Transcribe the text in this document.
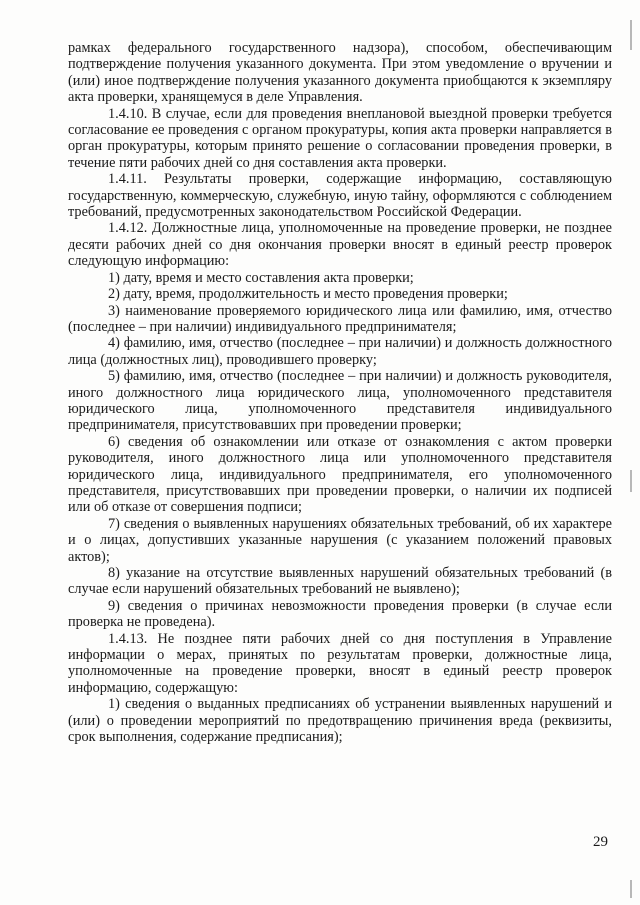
рамках федерального государственного надзора), способом, обеспечивающим подтверждение получения указанного документа. При этом уведомление о вручении и (или) иное подтверждение получения указанного документа приобщаются к экземпляру акта проверки, хранящемуся в деле Управления.

1.4.10. В случае, если для проведения внеплановой выездной проверки требуется согласование ее проведения с органом прокуратуры, копия акта проверки направляется в орган прокуратуры, которым принято решение о согласовании проведения проверки, в течение пяти рабочих дней со дня составления акта проверки.

1.4.11. Результаты проверки, содержащие информацию, составляющую государственную, коммерческую, служебную, иную тайну, оформляются с соблюдением требований, предусмотренных законодательством Российской Федерации.

1.4.12. Должностные лица, уполномоченные на проведение проверки, не позднее десяти рабочих дней со дня окончания проверки вносят в единый реестр проверок следующую информацию:

1) дату, время и место составления акта проверки;

2) дату, время, продолжительность и место проведения проверки;

3) наименование проверяемого юридического лица или фамилию, имя, отчество (последнее – при наличии) индивидуального предпринимателя;

4) фамилию, имя, отчество (последнее – при наличии) и должность должностного лица (должностных лиц), проводившего проверку;

5) фамилию, имя, отчество (последнее – при наличии) и должность руководителя, иного должностного лица юридического лица, уполномоченного представителя юридического лица, уполномоченного представителя индивидуального предпринимателя, присутствовавших при проведении проверки;

6) сведения об ознакомлении или отказе от ознакомления с актом проверки руководителя, иного должностного лица или уполномоченного представителя юридического лица, индивидуального предпринимателя, его уполномоченного представителя, присутствовавших при проведении проверки, о наличии их подписей или об отказе от совершения подписи;

7) сведения о выявленных нарушениях обязательных требований, об их характере и о лицах, допустивших указанные нарушения (с указанием положений правовых актов);

8) указание на отсутствие выявленных нарушений обязательных требований (в случае если нарушений обязательных требований не выявлено);

9) сведения о причинах невозможности проведения проверки (в случае если проверка не проведена).

1.4.13. Не позднее пяти рабочих дней со дня поступления в Управление информации о мерах, принятых по результатам проверки, должностные лица, уполномоченные на проведение проверки, вносят в единый реестр проверок информацию, содержащую:

1) сведения о выданных предписаниях об устранении выявленных нарушений и (или) о проведении мероприятий по предотвращению причинения вреда (реквизиты, срок выполнения, содержание предписания);

29
